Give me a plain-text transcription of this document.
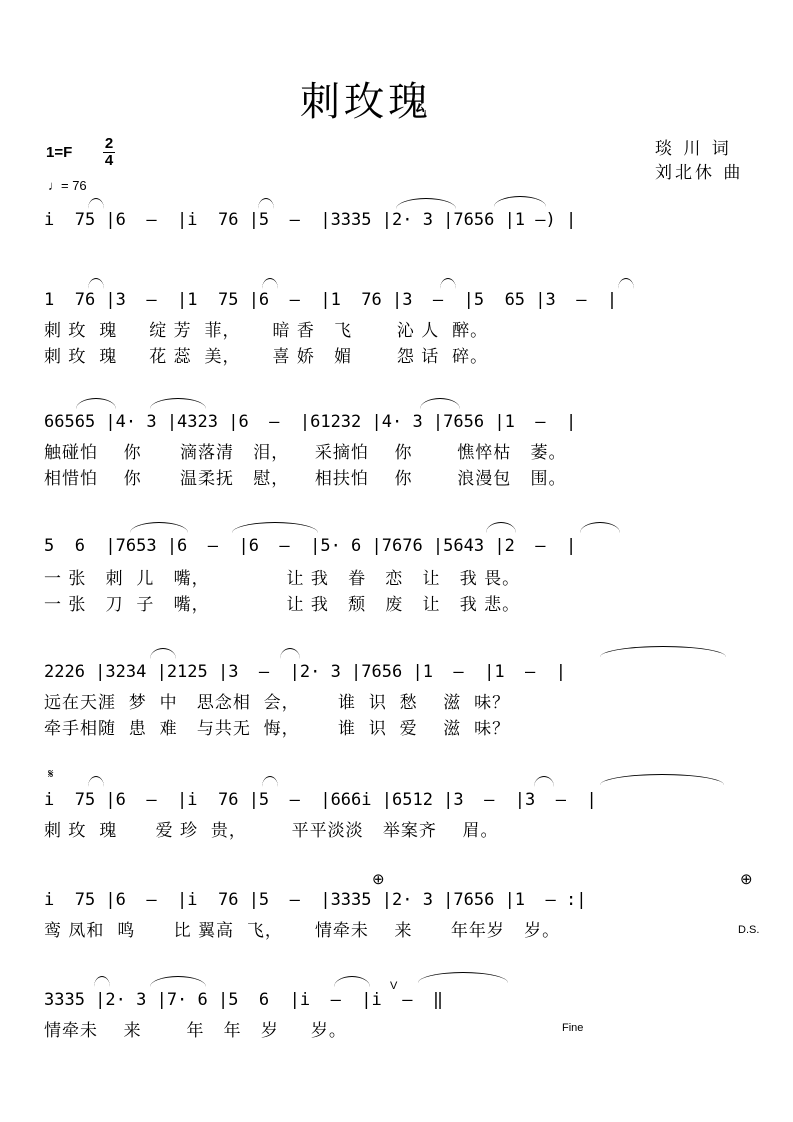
刺玫瑰
1=F
2
4
♩= 76
琰 川 词
刘北休 曲
i  75 |6  –  |i  76 |5  –  |3335 |2· 3 |7656 |1 –) |
1  76 |3  –  |1  75 |6  –  |1  76 |3  –  |5  65 |3  –  |
刺 玫  瑰     绽 芳  菲，     暗 香   飞       沁 人  醉。
刺 玫  瑰     花 蕊  美，     喜 娇   媚       怨 话  碎。
66565 |4· 3 |4323 |6  –  |61232 |4· 3 |7656 |1  –  |
触碰怕    你      滴落清   泪，    采摘怕    你       憔悴枯   萎。
相惜怕    你      温柔抚   慰，    相扶怕    你       浪漫包   围。
5  6  |7653 |6  –  |6  –  |5· 6 |7676 |5643 |2  –  |
一 张   刺  儿   嘴，            让 我   眷   恋   让   我 畏。
一 张   刀  子   嘴，            让 我   颓   废   让   我 悲。
2226 |3234 |2125 |3  –  |2· 3 |7656 |1  –  |1  –  |
远在天涯  梦  中   思念相  会，      谁  识  愁    滋  味？
牵手相随  患  难   与共无  悔，      谁  识  爱    滋  味？
𝄋
i  75 |6  –  |i  76 |5  –  |666i |6512 |3  –  |3  –  |
刺 玫  瑰      爱 珍  贵，       平平淡淡   举案齐    眉。
⊕	⊕
i  75 |6  –  |i  76 |5  –  |3335 |2· 3 |7656 |1  – :|
鸾 凤和  鸣      比 翼高  飞，     情牵未    来      年年岁   岁。	D.S.
V
3335 |2· 3 |7· 6 |5  6  |i  –  |i  –  ‖
情牵未    来       年   年   岁     岁。	Fine
